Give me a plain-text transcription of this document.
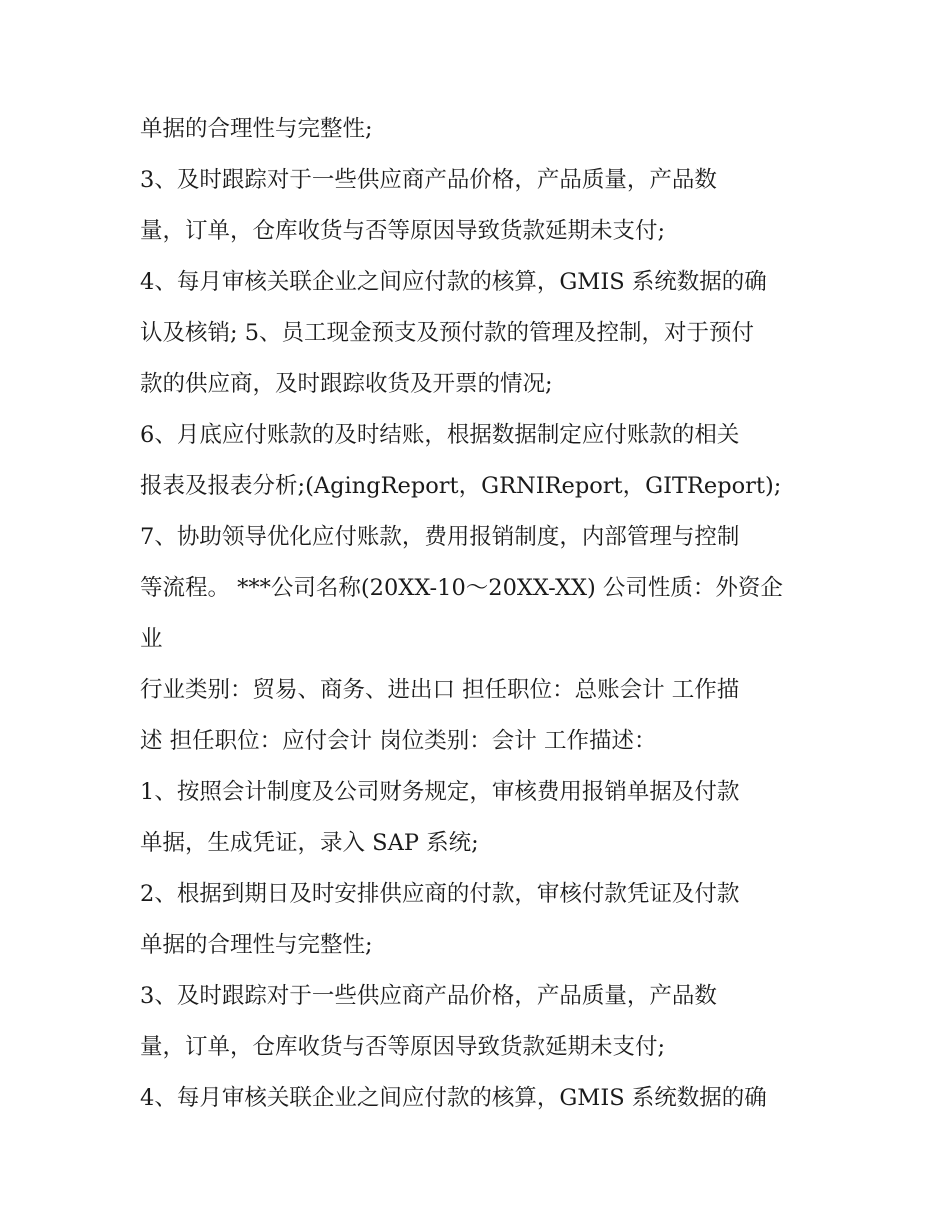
单据的合理性与完整性;
3、及时跟踪对于一些供应商产品价格，产品质量，产品数
量，订单，仓库收货与否等原因导致货款延期未支付;
4、每月审核关联企业之间应付款的核算，GMIS 系统数据的确
认及核销; 5、员工现金预支及预付款的管理及控制，对于预付
款的供应商，及时跟踪收货及开票的情况;
6、月底应付账款的及时结账，根据数据制定应付账款的相关
报表及报表分析;(AgingReport，GRNIReport，GITReport);
7、协助领导优化应付账款，费用报销制度，内部管理与控制
等流程。 ***公司名称(20XX-10～20XX-XX) 公司性质：外资企
业
行业类别：贸易、商务、进出口 担任职位：总账会计 工作描
述 担任职位：应付会计 岗位类别：会计 工作描述：
1、按照会计制度及公司财务规定，审核费用报销单据及付款
单据，生成凭证，录入 SAP 系统;
2、根据到期日及时安排供应商的付款，审核付款凭证及付款
单据的合理性与完整性;
3、及时跟踪对于一些供应商产品价格，产品质量，产品数
量，订单，仓库收货与否等原因导致货款延期未支付;
4、每月审核关联企业之间应付款的核算，GMIS 系统数据的确
